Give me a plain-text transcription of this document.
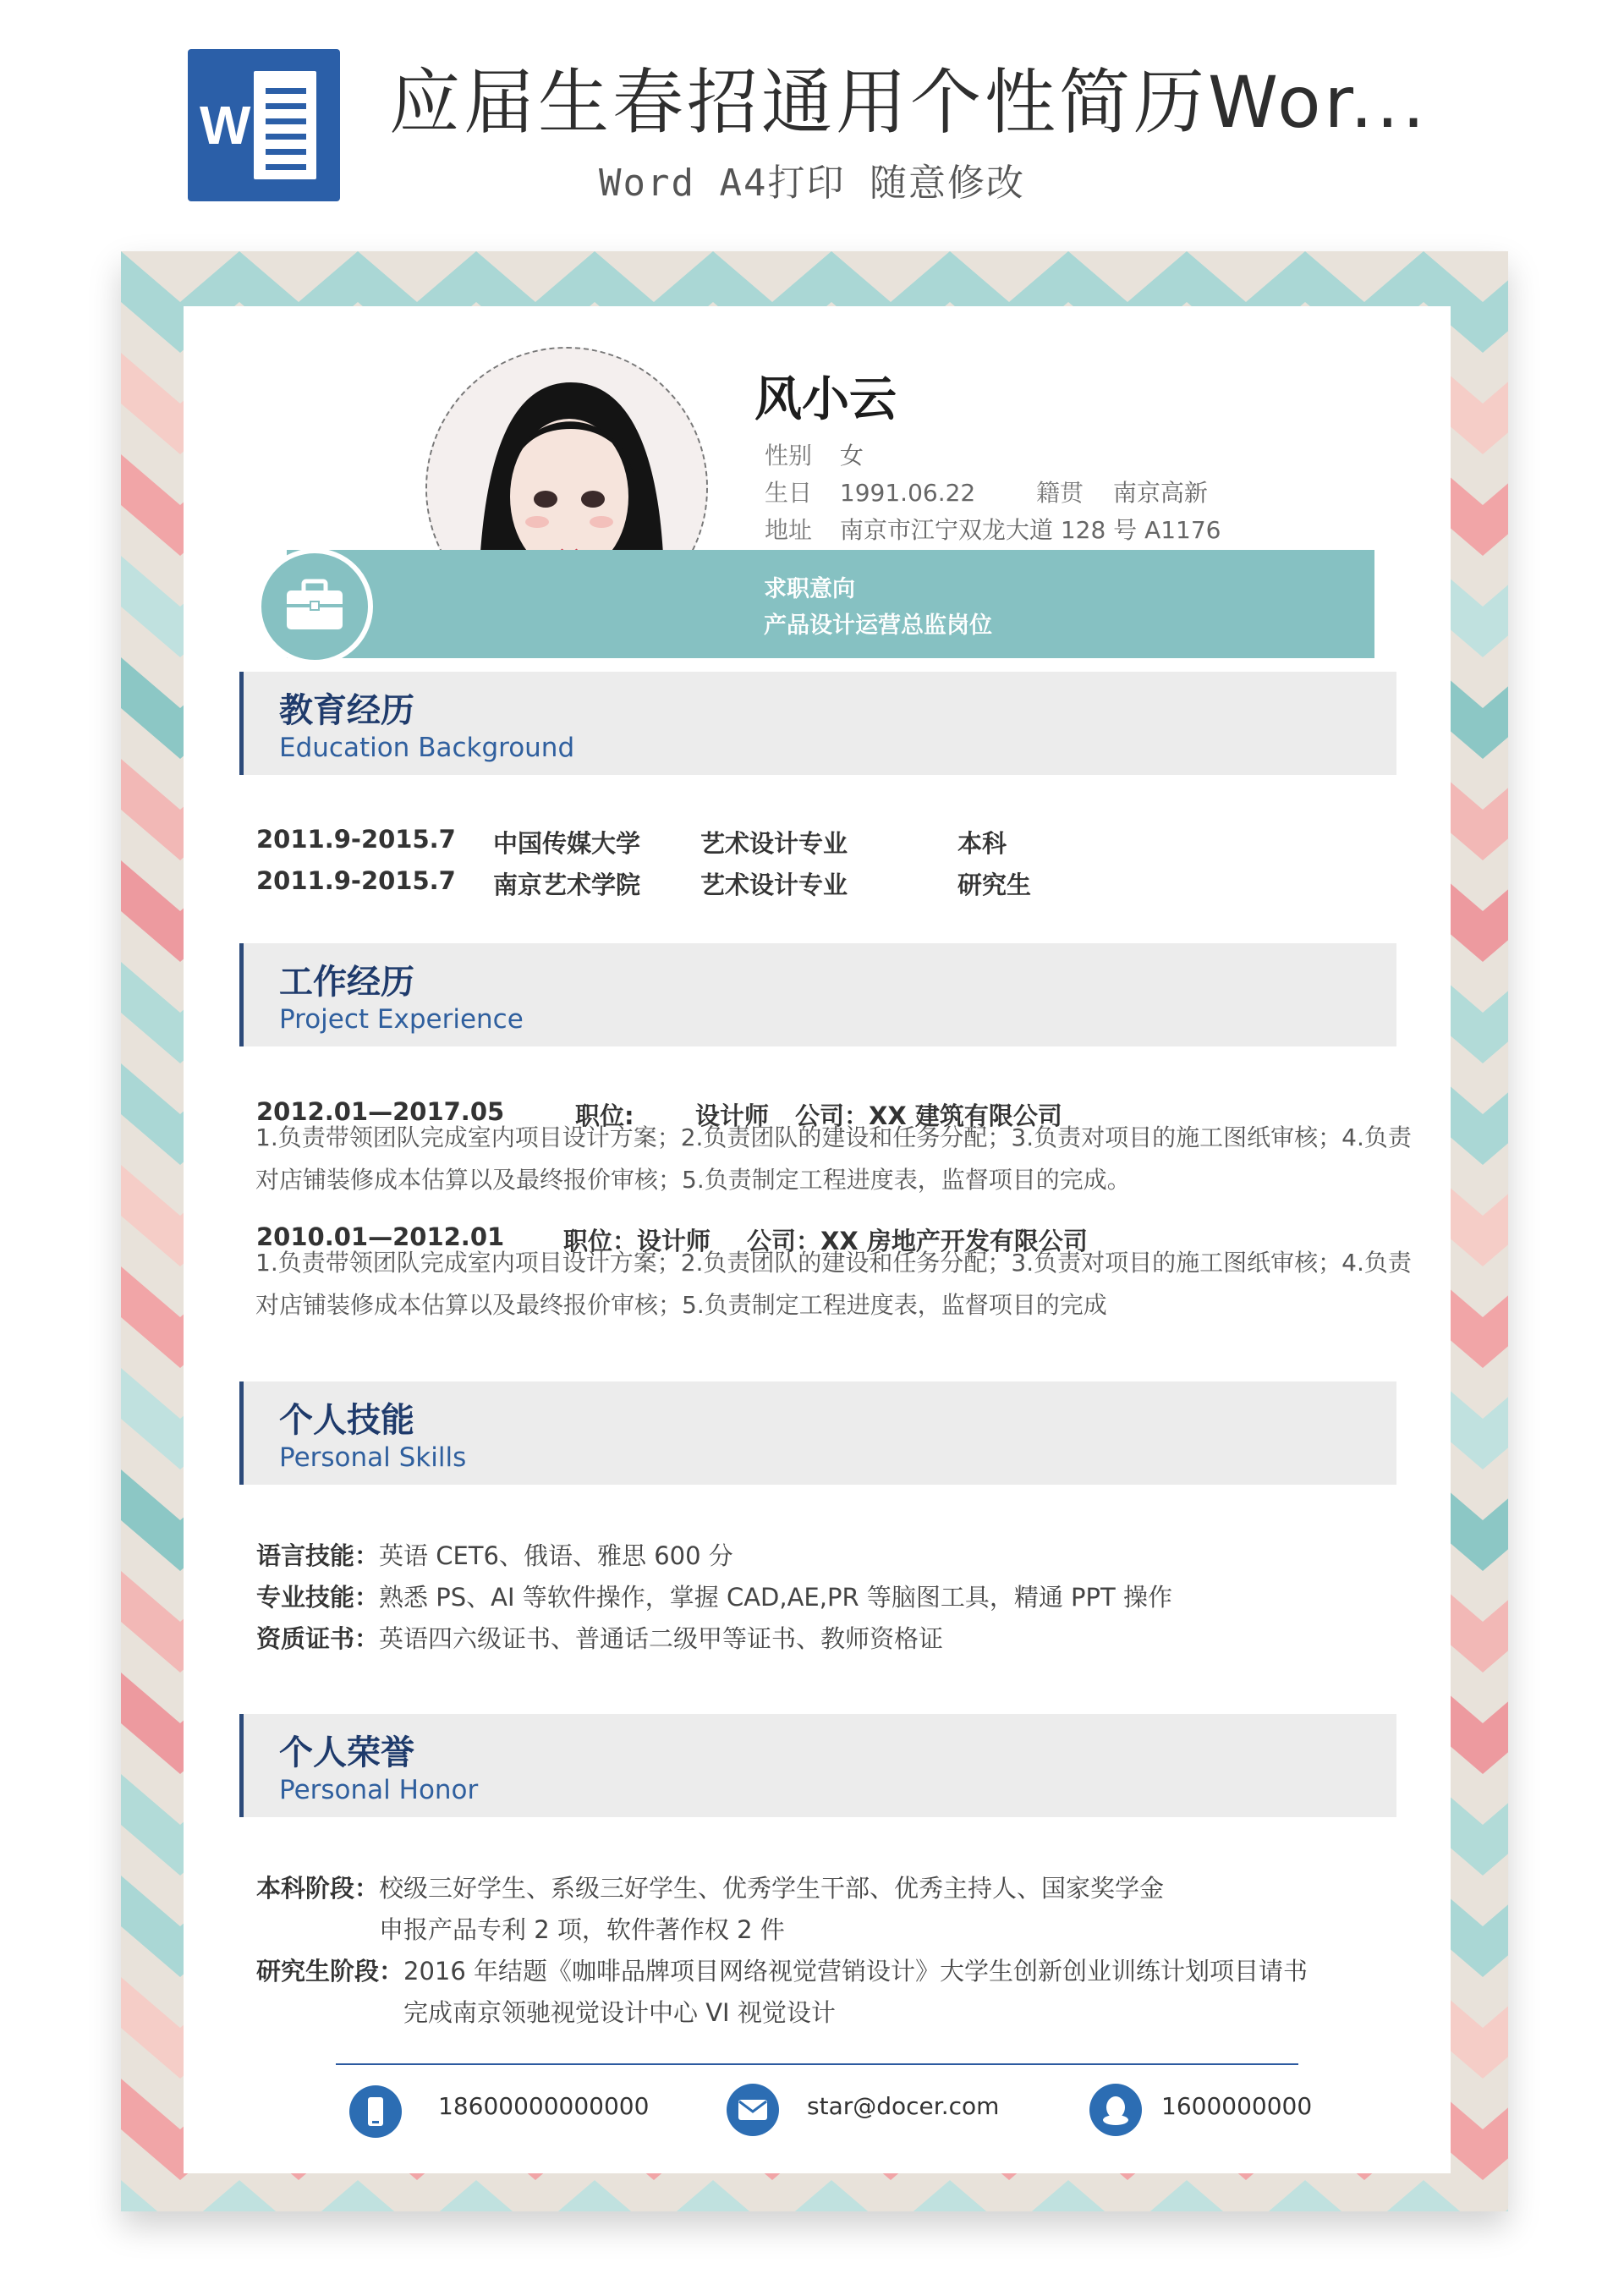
W	应届生春招通用个性简历Wor...
Word A4打印 随意修改
风小云
性别 女
生日 1991.06.22	籍贯 南京高新
地址 南京市江宁双龙大道 128 号 A1176
求职意向
产品设计运营总监岗位
教育经历
Education Background
2011.9-2015.7 中国传媒大学 艺术设计专业	本科
2011.9-2015.7 南京艺术学院 艺术设计专业	研究生
工作经历
Project Experience
2012.01—2017.05	职位: 设计师 公司：XX 建筑有限公司
1.负责带领团队完成室内项目设计方案；2.负责团队的建设和任务分配；3.负责对项目的施工图纸审核；4.负责对店铺装修成本估算以及最终报价审核；5.负责制定工程进度表，监督项目的完成。
2010.01—2012.01 职位：设计师 公司：XX 房地产开发有限公司
1.负责带领团队完成室内项目设计方案；2.负责团队的建设和任务分配；3.负责对项目的施工图纸审核；4.负责对店铺装修成本估算以及最终报价审核；5.负责制定工程进度表，监督项目的完成
个人技能
Personal Skills
语言技能：英语 CET6、俄语、雅思 600 分
专业技能：熟悉 PS、AI 等软件操作，掌握 CAD,AE,PR 等脑图工具，精通 PPT 操作
资质证书：英语四六级证书、普通话二级甲等证书、教师资格证
个人荣誉
Personal Honor
本科阶段：校级三好学生、系级三好学生、优秀学生干部、优秀主持人、国家奖学金
申报产品专利 2 项，软件著作权 2 件
研究生阶段：2016 年结题《咖啡品牌项目网络视觉营销设计》大学生创新创业训练计划项目请书
完成南京领驰视觉设计中心 VI 视觉设计
18600000000000	star@docer.com	1600000000
